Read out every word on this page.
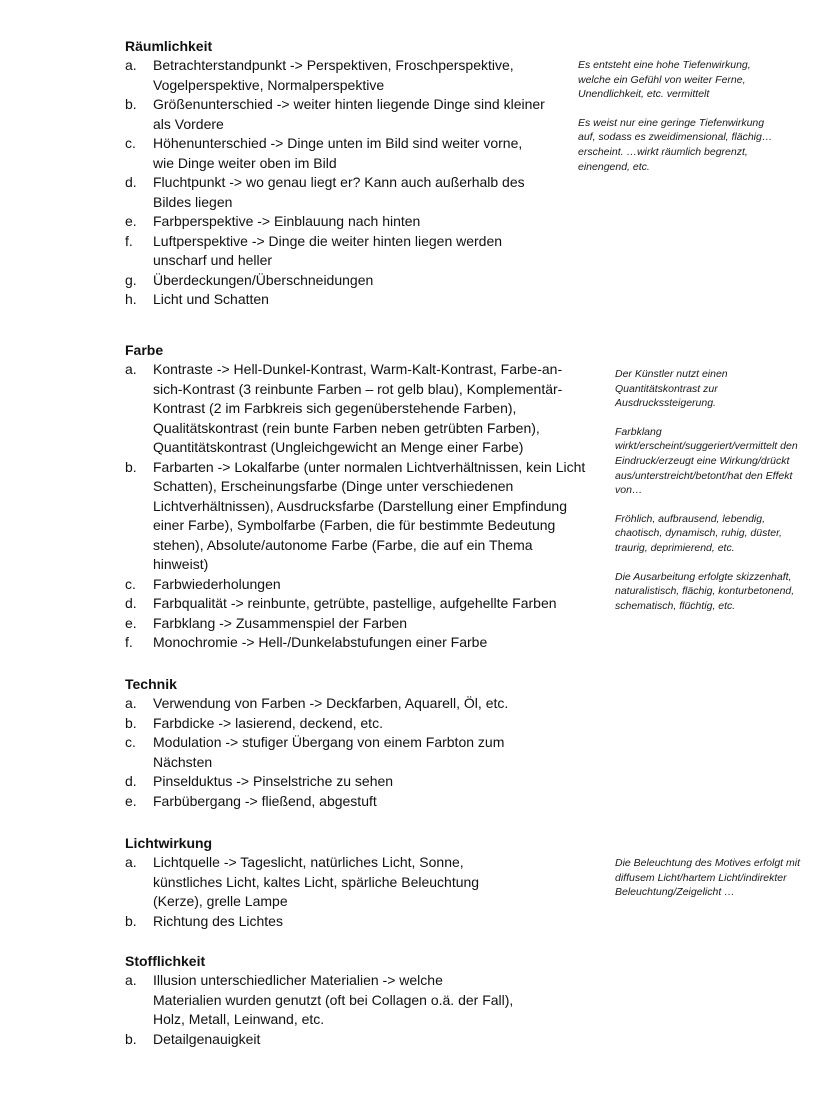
Räumlichkeit
a.	Betrachterstandpunkt -> Perspektiven, Froschperspektive, Vogelperspektive, Normalperspektive
b.	Größenunterschied -> weiter hinten liegende Dinge sind kleiner als Vordere
c.	Höhenunterschied -> Dinge unten im Bild sind weiter vorne, wie Dinge weiter oben im Bild
d.	Fluchtpunkt -> wo genau liegt er? Kann auch außerhalb des Bildes liegen
e.	Farbperspektive -> Einblauung nach hinten
f.	Luftperspektive -> Dinge die weiter hinten liegen werden unscharf und heller
g.	Überdeckungen/Überschneidungen
h.	Licht und Schatten
Farbe
a.	Kontraste -> Hell-Dunkel-Kontrast, Warm-Kalt-Kontrast, Farbe-an-sich-Kontrast (3 reinbunte Farben – rot gelb blau), Komplementär-Kontrast (2 im Farbkreis sich gegenüberstehende Farben), Qualitätskontrast (rein bunte Farben neben getrübten Farben), Quantitätskontrast (Ungleichgewicht an Menge einer Farbe)
b.	Farbarten -> Lokalfarbe (unter normalen Lichtverhältnissen, kein Licht Schatten), Erscheinungsfarbe (Dinge unter verschiedenen Lichtverhältnissen), Ausdrucksfarbe (Darstellung einer Empfindung einer Farbe), Symbolfarbe (Farben, die für bestimmte Bedeutung stehen), Absolute/autonome Farbe (Farbe, die auf ein Thema hinweist)
c.	Farbwiederholungen
d.	Farbqualität -> reinbunte, getrübte, pastellige, aufgehellte Farben
e.	Farbklang -> Zusammenspiel der Farben
f.	Monochromie -> Hell-/Dunkelabstufungen einer Farbe
Technik
a.	Verwendung von Farben -> Deckfarben, Aquarell, Öl, etc.
b.	Farbdicke -> lasierend, deckend, etc.
c.	Modulation -> stufiger Übergang von einem Farbton zum Nächsten
d.	Pinselduktus -> Pinselstriche zu sehen
e.	Farbübergang -> fließend, abgestuft
Lichtwirkung
a.	Lichtquelle -> Tageslicht, natürliches Licht, Sonne, künstliches Licht, kaltes Licht, spärliche Beleuchtung (Kerze), grelle Lampe
b.	Richtung des Lichtes
Stofflichkeit
a.	Illusion unterschiedlicher Materialien -> welche Materialien wurden genutzt (oft bei Collagen o.ä. der Fall), Holz, Metall, Leinwand, etc.
b.	Detailgenauigkeit

Es entsteht eine hohe Tiefenwirkung, welche ein Gefühl von weiter Ferne, Unendlichkeit, etc. vermittelt

Es weist nur eine geringe Tiefenwirkung auf, sodass es zweidimensional, flächig… erscheint. …wirkt räumlich begrenzt, einengend, etc.

Der Künstler nutzt einen Quantitätskontrast zur Ausdruckssteigerung.

Farbklang wirkt/erscheint/suggeriert/vermittelt den Eindruck/erzeugt eine Wirkung/drückt aus/unterstreicht/betont/hat den Effekt von…

Fröhlich, aufbrausend, lebendig, chaotisch, dynamisch, ruhig, düster, traurig, deprimierend, etc.

Die Ausarbeitung erfolgte skizzenhaft, naturalistisch, flächig, konturbetonend, schematisch, flüchtig, etc.

Die Beleuchtung des Motives erfolgt mit diffusem Licht/hartem Licht/indirekter Beleuchtung/Zeigelicht …
